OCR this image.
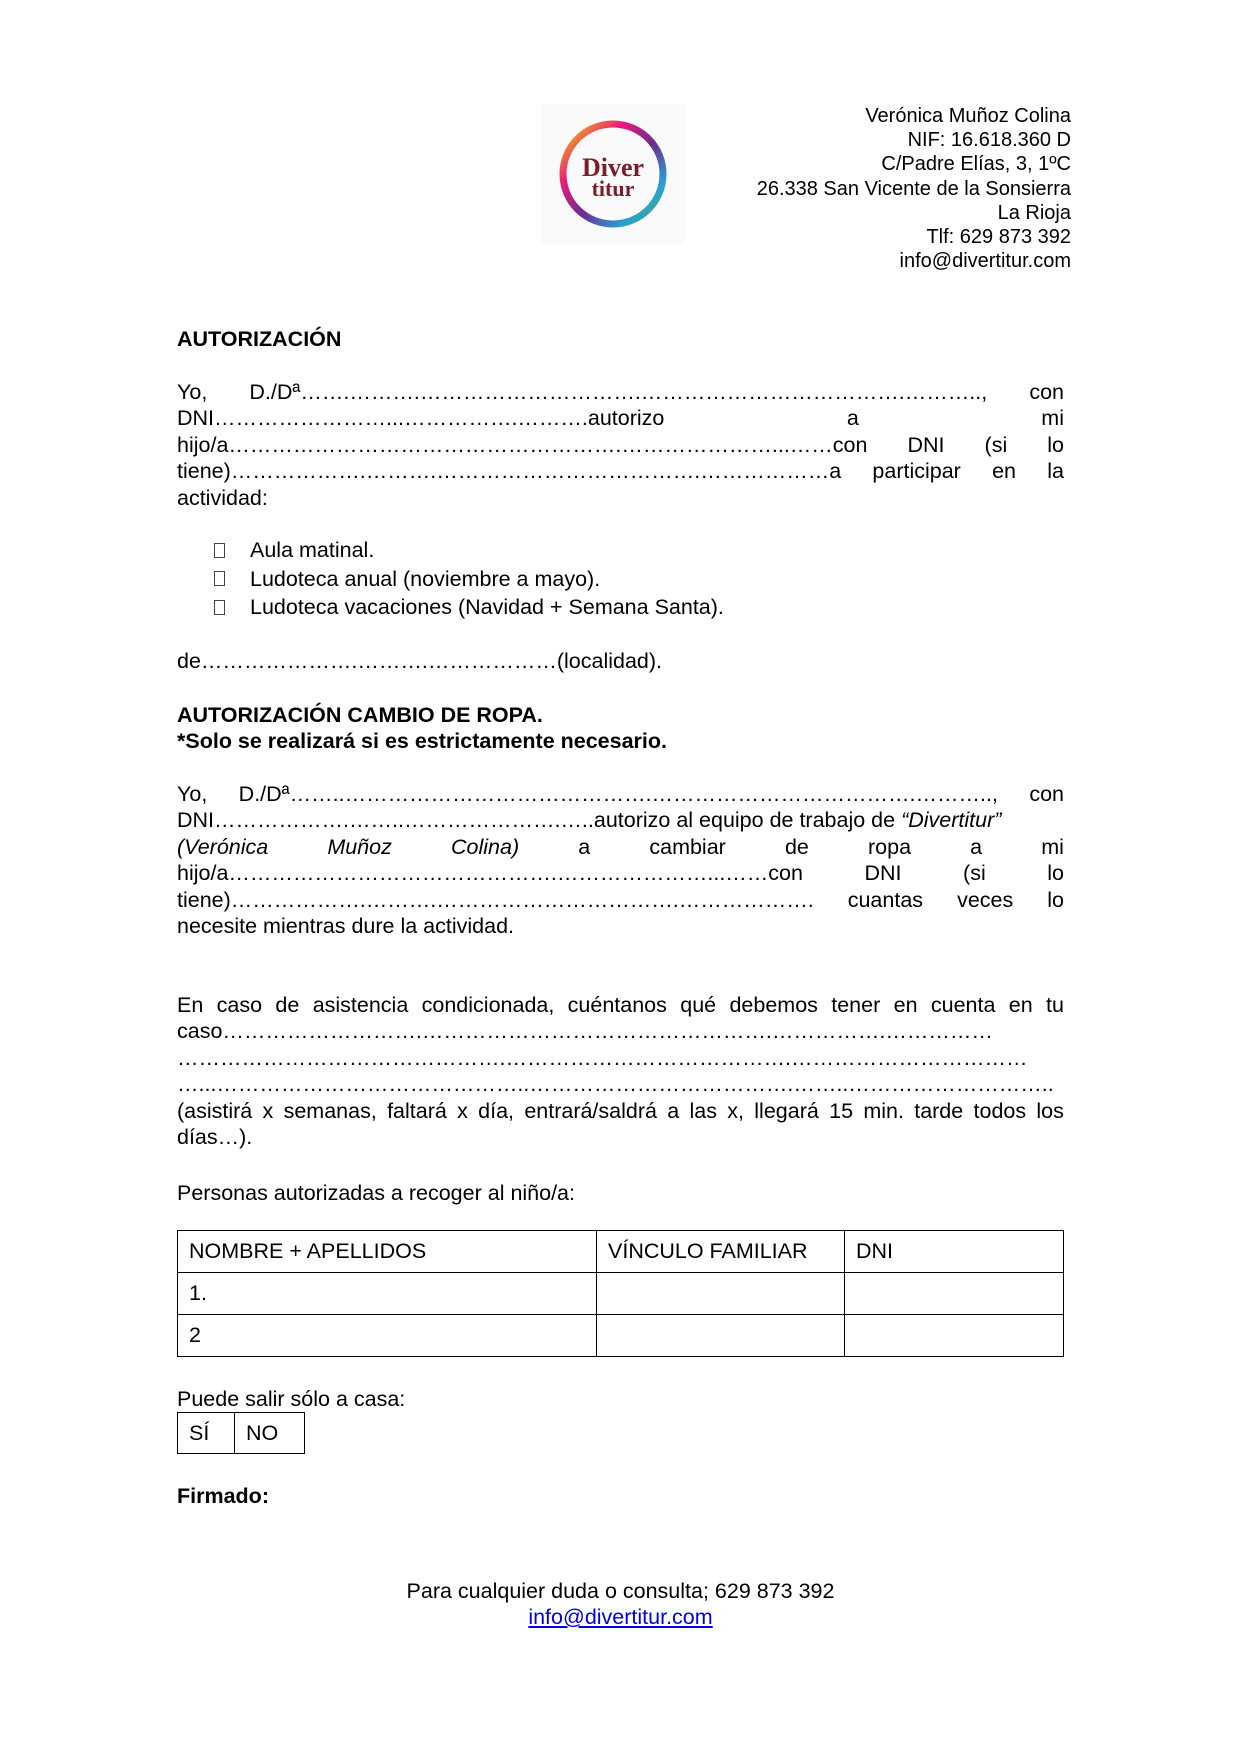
Diver
titur
Verónica Muñoz Colina
NIF: 16.618.360 D
C/Padre Elías, 3, 1ºC
26.338 San Vicente de la Sonsierra
La Rioja
Tlf: 629 873 392
info@divertitur.com
AUTORIZACIÓN
Yo, D./Dª…….……….………………………….……………………………….……….., con
DNI……………………...…………….……….autorizo	a	mi
hijo/a……………………………………………….…………………...……con DNI (si lo
tiene)……………….……….……………………………….………………a participar en la
actividad:
Aula matinal.
Ludoteca anual (noviembre a mayo).
Ludoteca vacaciones (Navidad + Semana Santa).
de………………….……….………………(localidad).
AUTORIZACIÓN CAMBIO DE ROPA.
*Solo se realizará si es estrictamente necesario.
Yo, D./Dª……..…………………………………….……………………………….……….., con
DNI……………….……..………………….…..autorizo al equipo de trabajo de “Divertitur”
(Verónica	Muñoz	Colina)	a	cambiar	de	ropa	a	mi
hijo/a……………………………………….…………………...……con	DNI	(si	lo
tiene)……………….……….…………………………….………………. cuantas veces lo
necesite mientras dure la actividad.
En caso de asistencia condicionada, cuéntanos qué debemos tener en cuenta en tu
caso……………………….………………………………………….…………….……………
……………………………………….………………………………….……………………………
…...……………………………………..……………………………….……..………………………..
(asistirá x semanas, faltará x día, entrará/saldrá a las x, llegará 15 min. tarde todos los
días…).
Personas autorizadas a recoger al niño/a:
NOMBRE + APELLIDOS	VÍNCULO FAMILIAR	DNI
1.		
2		
Puede salir sólo a casa:
SÍ	NO
Firmado:
Para cualquier duda o consulta; 629 873 392
info@divertitur.com
